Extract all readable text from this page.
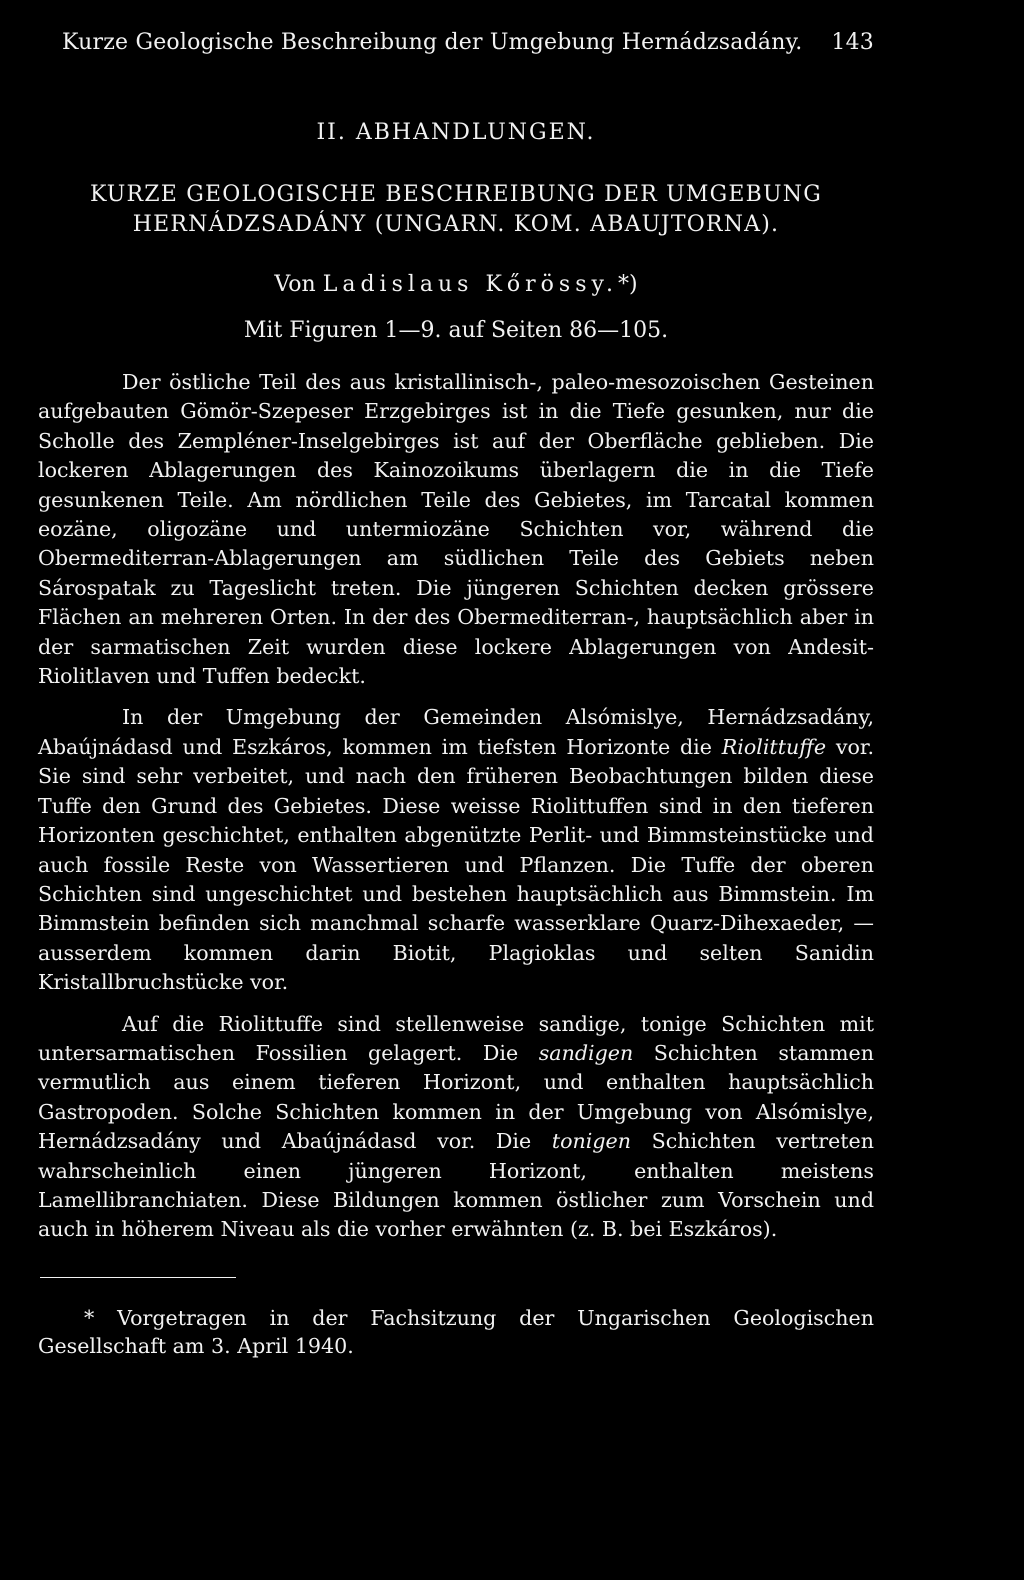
Kurze Geologische Beschreibung der Umgebung Hernádzsadány. 143
II. ABHANDLUNGEN.
KURZE GEOLOGISCHE BESCHREIBUNG DER UMGEBUNG
HERNÁDZSADÁNY (UNGARN. KOM. ABAUJTORNA).
Von Ladislaus Kőrössy.*)
Mit Figuren 1—9. auf Seiten 86—105.

Der östliche Teil des aus kristallinisch-, paleo-mesozoischen Gesteinen aufgebauten Gömör-Szepeser Erzgebirges ist in die Tiefe gesunken, nur die Scholle des Zempléner-Inselgebirges ist auf der Oberfläche geblieben. Die lockeren Ablagerungen des Kainozoikums überlagern die in die Tiefe gesunkenen Teile. Am nördlichen Teile des Gebietes, im Tarcatal kommen eozäne, oligozäne und untermiozäne Schichten vor, während die Obermediterran-Ablagerungen am südlichen Teile des Gebiets neben Sárospatak zu Tageslicht treten. Die jüngeren Schichten decken grössere Flächen an mehreren Orten. In der des Obermediterran-, hauptsächlich aber in der sarmatischen Zeit wurden diese lockere Ablagerungen von Andesit-Riolitlaven und Tuffen bedeckt.

In der Umgebung der Gemeinden Alsómislye, Hernádzsadány, Abaújnádasd und Eszkáros, kommen im tiefsten Horizonte die Riolittuffe vor. Sie sind sehr verbeitet, und nach den früheren Beobachtungen bilden diese Tuffe den Grund des Gebietes. Diese weisse Riolittuffen sind in den tieferen Horizonten geschichtet, enthalten abgenützte Perlit- und Bimmsteinstücke und auch fossile Reste von Wassertieren und Pflanzen. Die Tuffe der oberen Schichten sind ungeschichtet und bestehen hauptsächlich aus Bimmstein. Im Bimmstein befinden sich manchmal scharfe wasserklare Quarz-Dihexaeder, — ausserdem kommen darin Biotit, Plagioklas und selten Sanidin Kristallbruchstücke vor.

Auf die Riolittuffe sind stellenweise sandige, tonige Schichten mit untersarmatischen Fossilien gelagert. Die sandigen Schichten stammen vermutlich aus einem tieferen Horizont, und enthalten hauptsächlich Gastropoden. Solche Schichten kommen in der Umgebung von Alsómislye, Hernádzsadány und Abaújnádasd vor. Die tonigen Schichten vertreten wahrscheinlich einen jüngeren Horizont, enthalten meistens Lamellibranchiaten. Diese Bildungen kommen östlicher zum Vorschein und auch in höherem Niveau als die vorher erwähnten (z. B. bei Eszkáros).

* Vorgetragen in der Fachsitzung der Ungarischen Geologischen Gesellschaft am 3. April 1940.
